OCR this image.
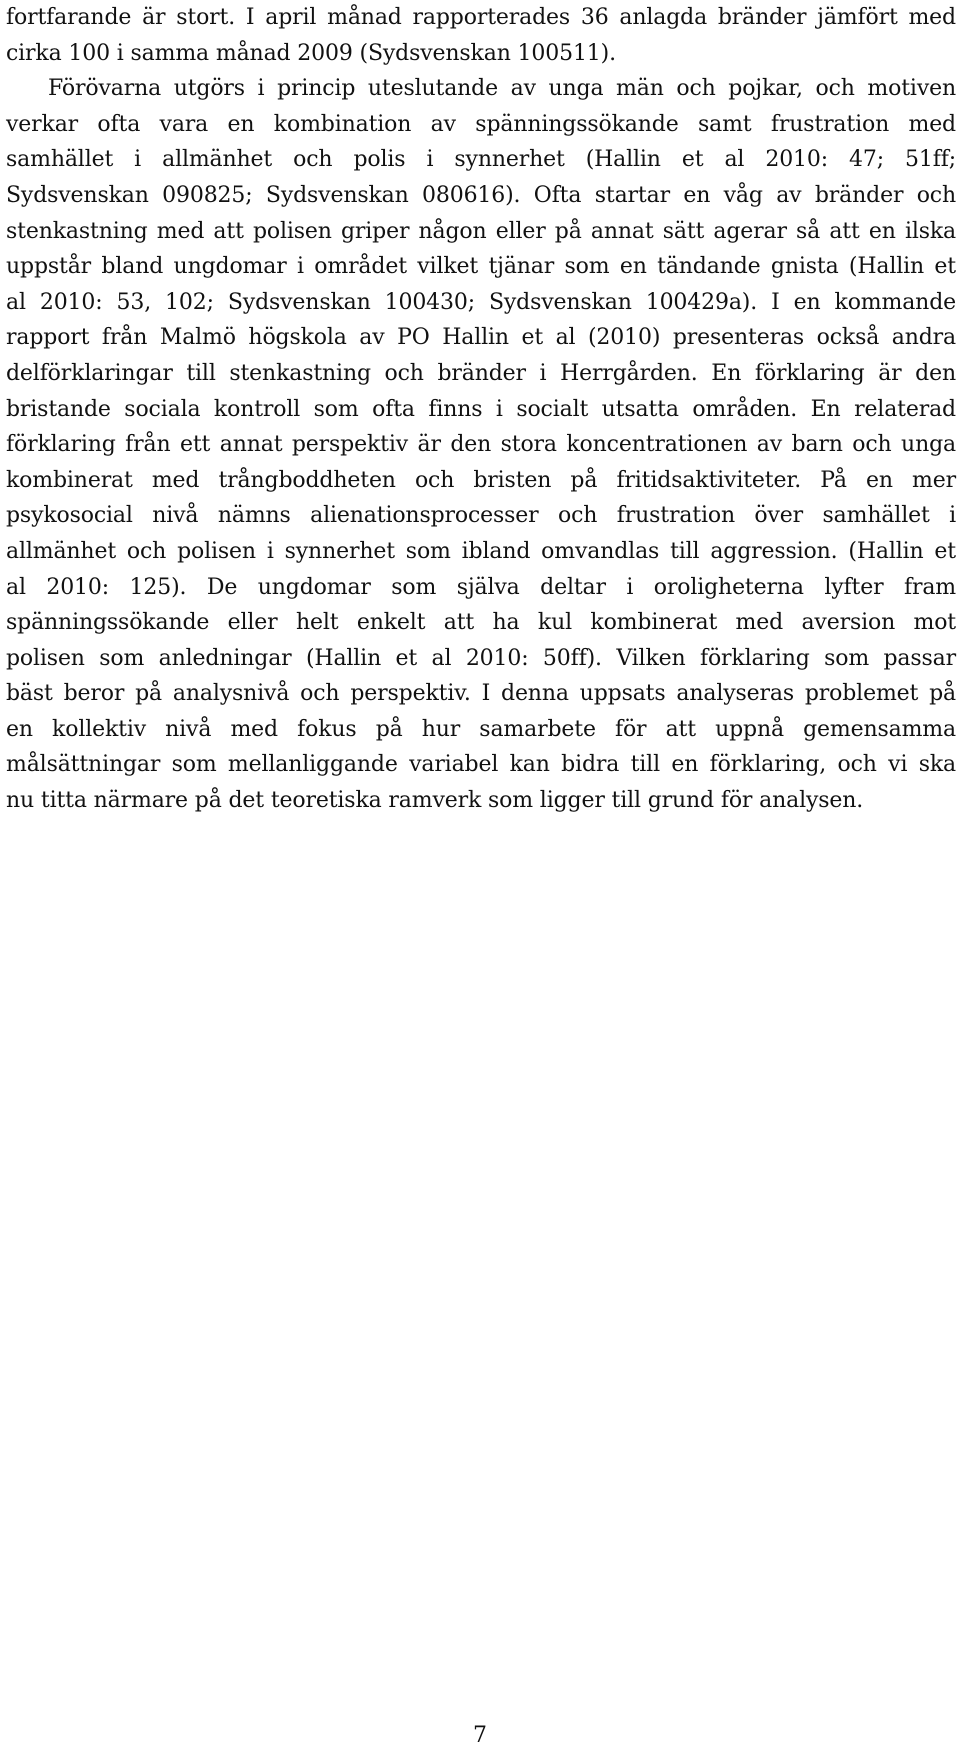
fortfarande är stort. I april månad rapporterades 36 anlagda bränder jämfört med
cirka 100 i samma månad 2009 (Sydsvenskan 100511).
Förövarna utgörs i princip uteslutande av unga män och pojkar, och motiven
verkar ofta vara en kombination av spänningssökande samt frustration med
samhället i allmänhet och polis i synnerhet (Hallin et al 2010: 47; 51ff;
Sydsvenskan 090825; Sydsvenskan 080616). Ofta startar en våg av bränder och
stenkastning med att polisen griper någon eller på annat sätt agerar så att en ilska
uppstår bland ungdomar i området vilket tjänar som en tändande gnista (Hallin et
al 2010: 53, 102; Sydsvenskan 100430; Sydsvenskan 100429a). I en kommande
rapport från Malmö högskola av PO Hallin et al (2010) presenteras också andra
delförklaringar till stenkastning och bränder i Herrgården. En förklaring är den
bristande sociala kontroll som ofta finns i socialt utsatta områden. En relaterad
förklaring från ett annat perspektiv är den stora koncentrationen av barn och unga
kombinerat med trångboddheten och bristen på fritidsaktiviteter. På en mer
psykosocial nivå nämns alienationsprocesser och frustration över samhället i
allmänhet och polisen i synnerhet som ibland omvandlas till aggression. (Hallin et
al 2010: 125). De ungdomar som själva deltar i oroligheterna lyfter fram
spänningssökande eller helt enkelt att ha kul kombinerat med aversion mot
polisen som anledningar (Hallin et al 2010: 50ff). Vilken förklaring som passar
bäst beror på analysnivå och perspektiv. I denna uppsats analyseras problemet på
en kollektiv nivå med fokus på hur samarbete för att uppnå gemensamma
målsättningar som mellanliggande variabel kan bidra till en förklaring, och vi ska
nu titta närmare på det teoretiska ramverk som ligger till grund för analysen.
7
